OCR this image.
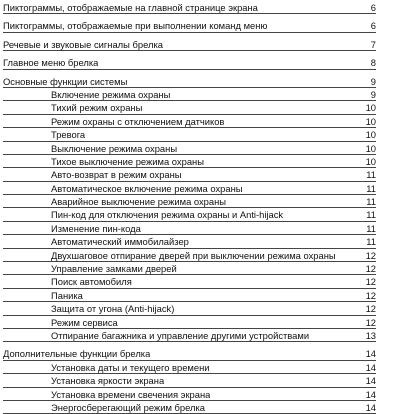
Пиктограммы, отображаемые на главной странице экрана	6
Пиктограммы, отображаемые при выполнении команд меню	6
Речевые и звуковые сигналы брелка	7
Главное меню брелка	8
Основные функции системы	9
Включение режима охраны	9
Тихий режим охраны	10
Режим охраны с отключением датчиков	10
Тревога	10
Выключение режима охраны	10
Тихое выключение режима охраны	10
Авто-возврат в режим охраны	11
Автоматическое включение режима охраны	11
Аварийное выключение режима охраны	11
Пин-код для отключения режима охраны и Anti-hijack	11
Изменение пин-кода	11
Автоматический иммобилайзер	11
Двухшаговое отпирание дверей при выключении режима охраны	12
Управление замками дверей	12
Поиск автомобиля	12
Паника	12
Защита от угона (Anti-hijack)	12
Режим сервиса	12
Отпирание багажника и управление другими устройствами	13
Дополнительные функции брелка	14
Установка даты и текущего времени	14
Установка яркости экрана	14
Установка времени свечения экрана	14
Энергосберегающий режим брелка	14
